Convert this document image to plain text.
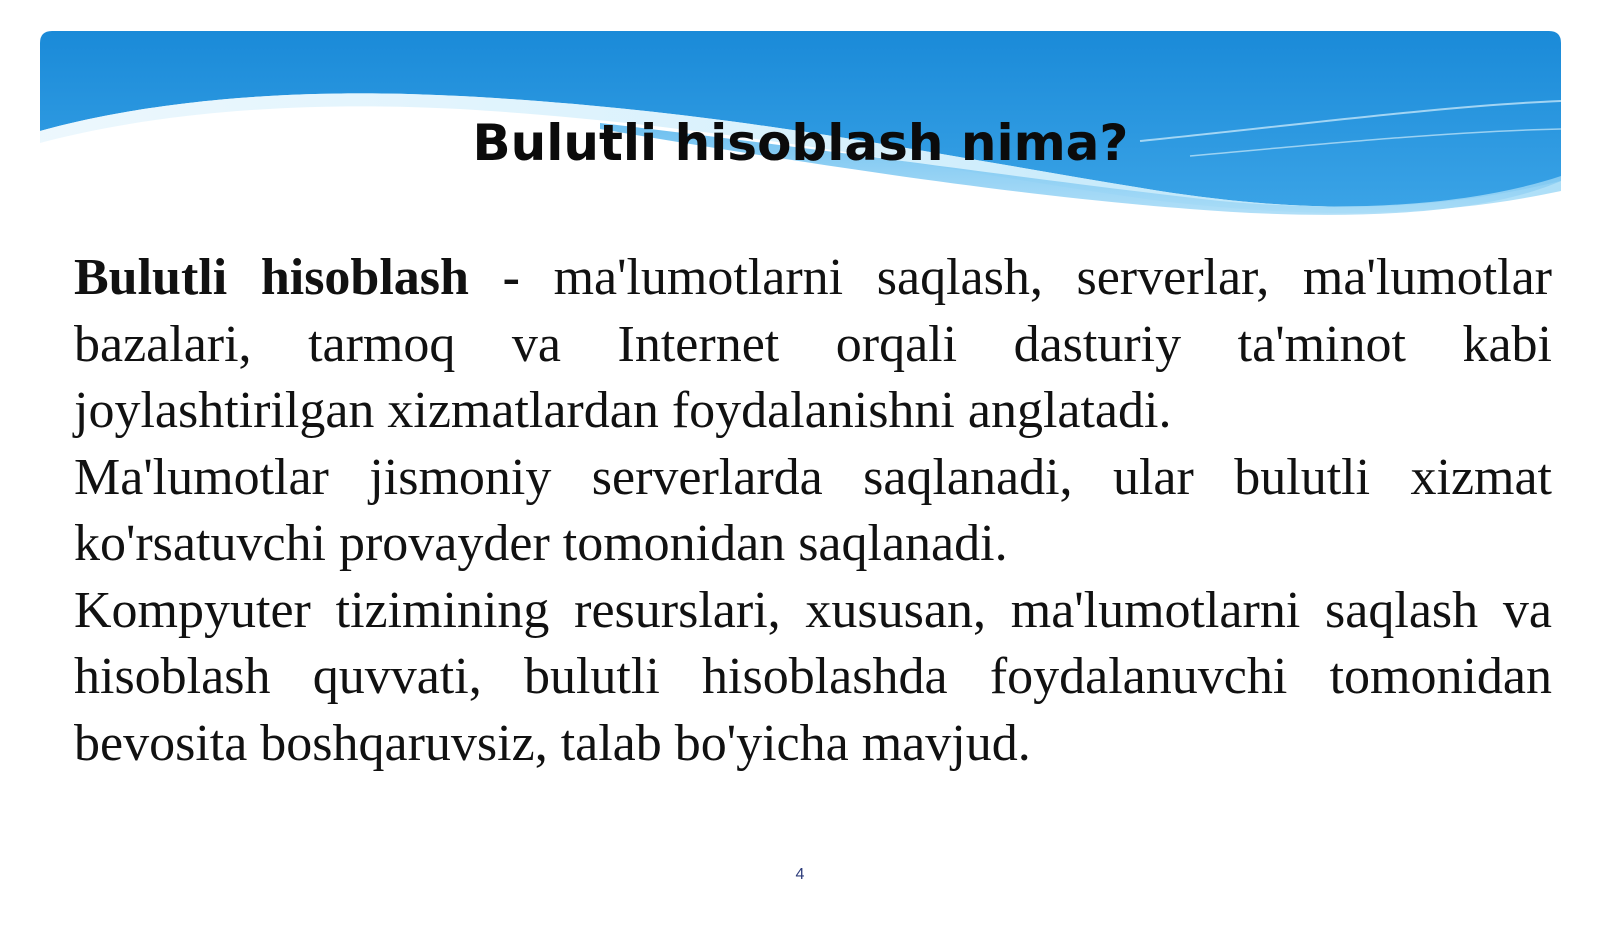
Bulutli hisoblash nima?

Bulutli hisoblash - ma'lumotlarni saqlash, serverlar, ma'lumotlar bazalari, tarmoq va Internet orqali dasturiy ta'minot kabi joylashtirilgan xizmatlardan foydalanishni anglatadi.

Ma'lumotlar jismoniy serverlarda saqlanadi, ular bulutli xizmat ko'rsatuvchi provayder tomonidan saqlanadi.

Kompyuter tizimining resurslari, xususan, ma'lumotlarni saqlash va hisoblash quvvati, bulutli hisoblashda foydalanuvchi tomonidan bevosita boshqaruvsiz, talab bo'yicha mavjud.

4
